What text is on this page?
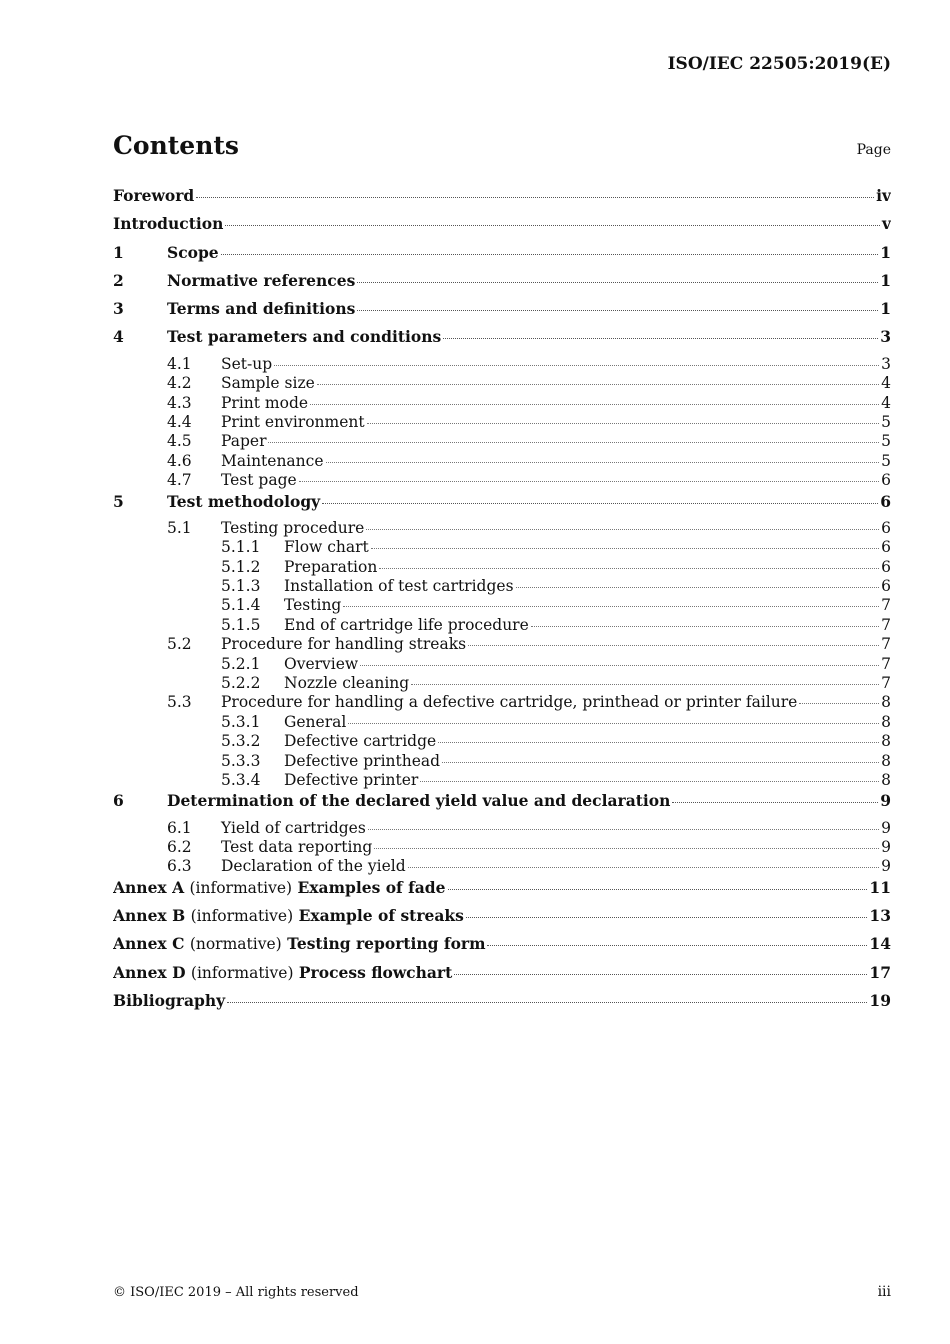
ISO/IEC 22505:2019(E)
Contents	Page
Foreword	iv
Introduction	v
1	Scope	1
2	Normative references	1
3	Terms and definitions	1
4	Test parameters and conditions	3
4.1	Set-up	3
4.2	Sample size	4
4.3	Print mode	4
4.4	Print environment	5
4.5	Paper	5
4.6	Maintenance	5
4.7	Test page	6
5	Test methodology	6
5.1	Testing procedure	6
5.1.1	Flow chart	6
5.1.2	Preparation	6
5.1.3	Installation of test cartridges	6
5.1.4	Testing	7
5.1.5	End of cartridge life procedure	7
5.2	Procedure for handling streaks	7
5.2.1	Overview	7
5.2.2	Nozzle cleaning	7
5.3	Procedure for handling a defective cartridge, printhead or printer failure	8
5.3.1	General	8
5.3.2	Defective cartridge	8
5.3.3	Defective printhead	8
5.3.4	Defective printer	8
6	Determination of the declared yield value and declaration	9
6.1	Yield of cartridges	9
6.2	Test data reporting	9
6.3	Declaration of the yield	9
Annex A (informative) Examples of fade	11
Annex B (informative) Example of streaks	13
Annex C (normative) Testing reporting form	14
Annex D (informative) Process flowchart	17
Bibliography	19
© ISO/IEC 2019 – All rights reserved	iii
